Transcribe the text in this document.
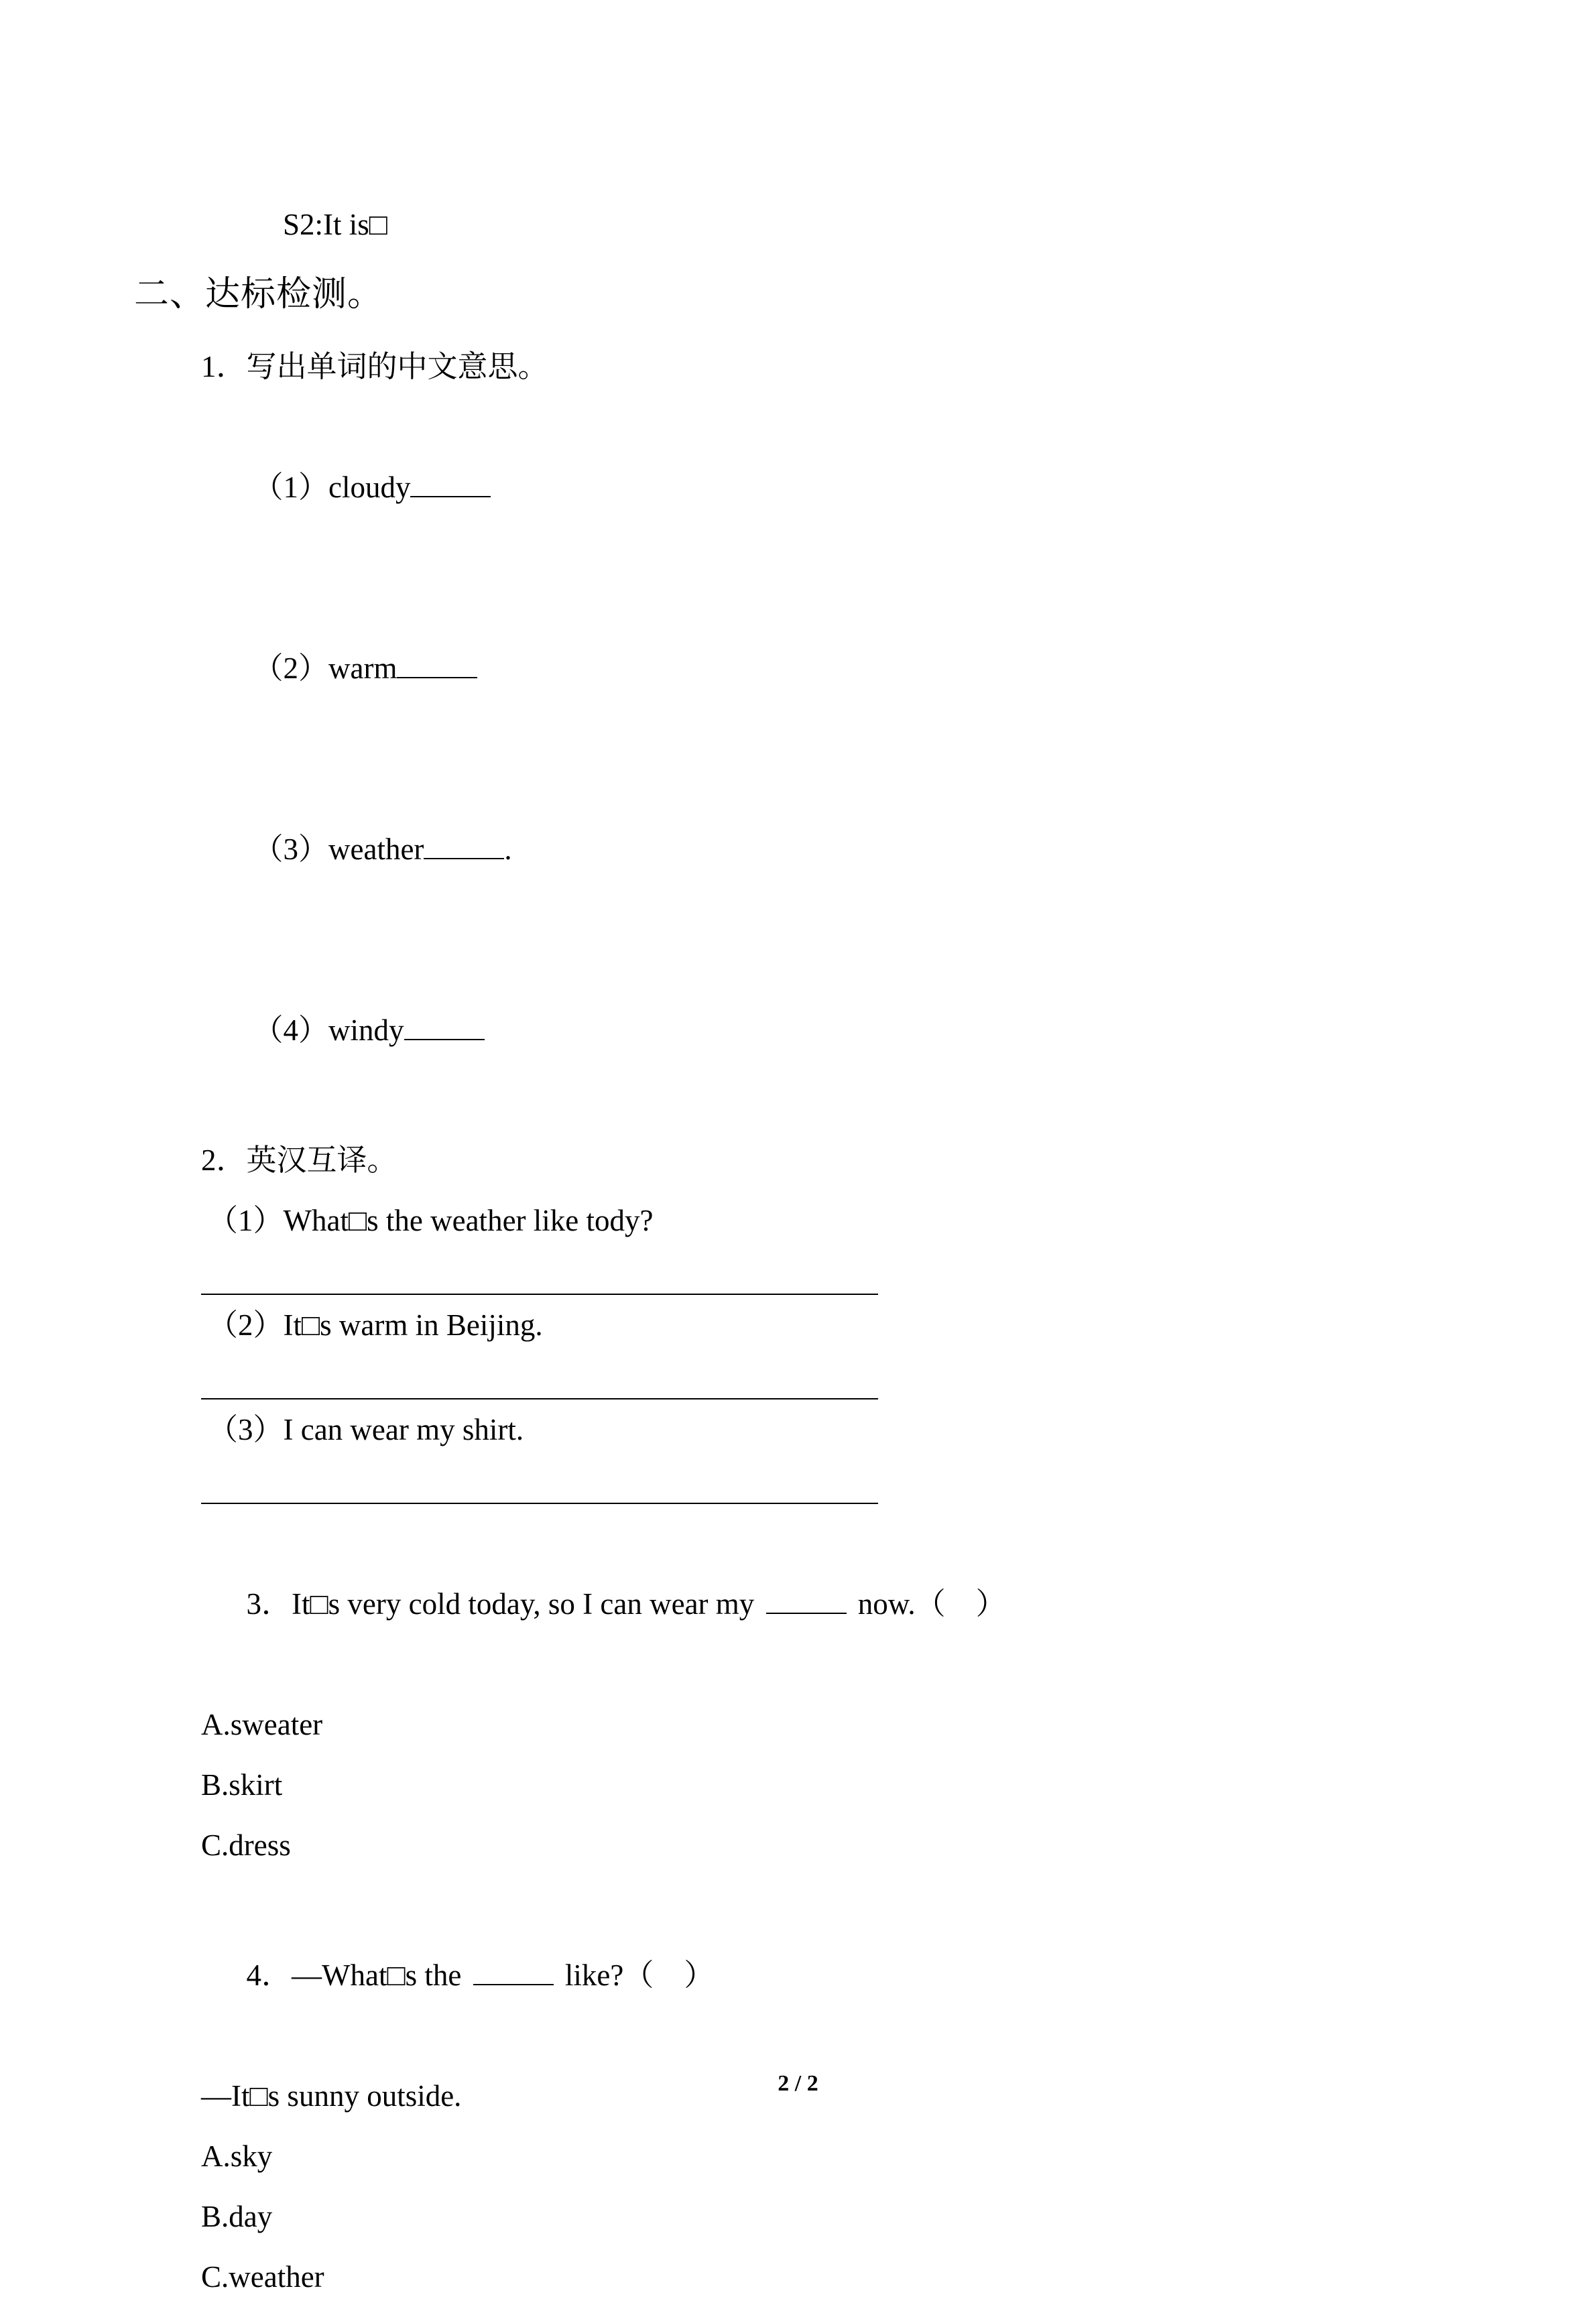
S2:It is□
二、达标检测。
1．写出单词的中文意思。

（1）cloudy

（2）warm

（3）weather	.

（4）windy

2．英汉互译。
（1）What□s the weather like tody?
（2）It□s warm in Beijing.
（3）I can wear my shirt.

3．It□s very cold today, so I can wear my	now.（    ）

A.sweater
B.skirt
C.dress

4．—What□s the	like?（    ）

—It□s sunny outside.
A.sky
B.day
C.weather
2 / 2
